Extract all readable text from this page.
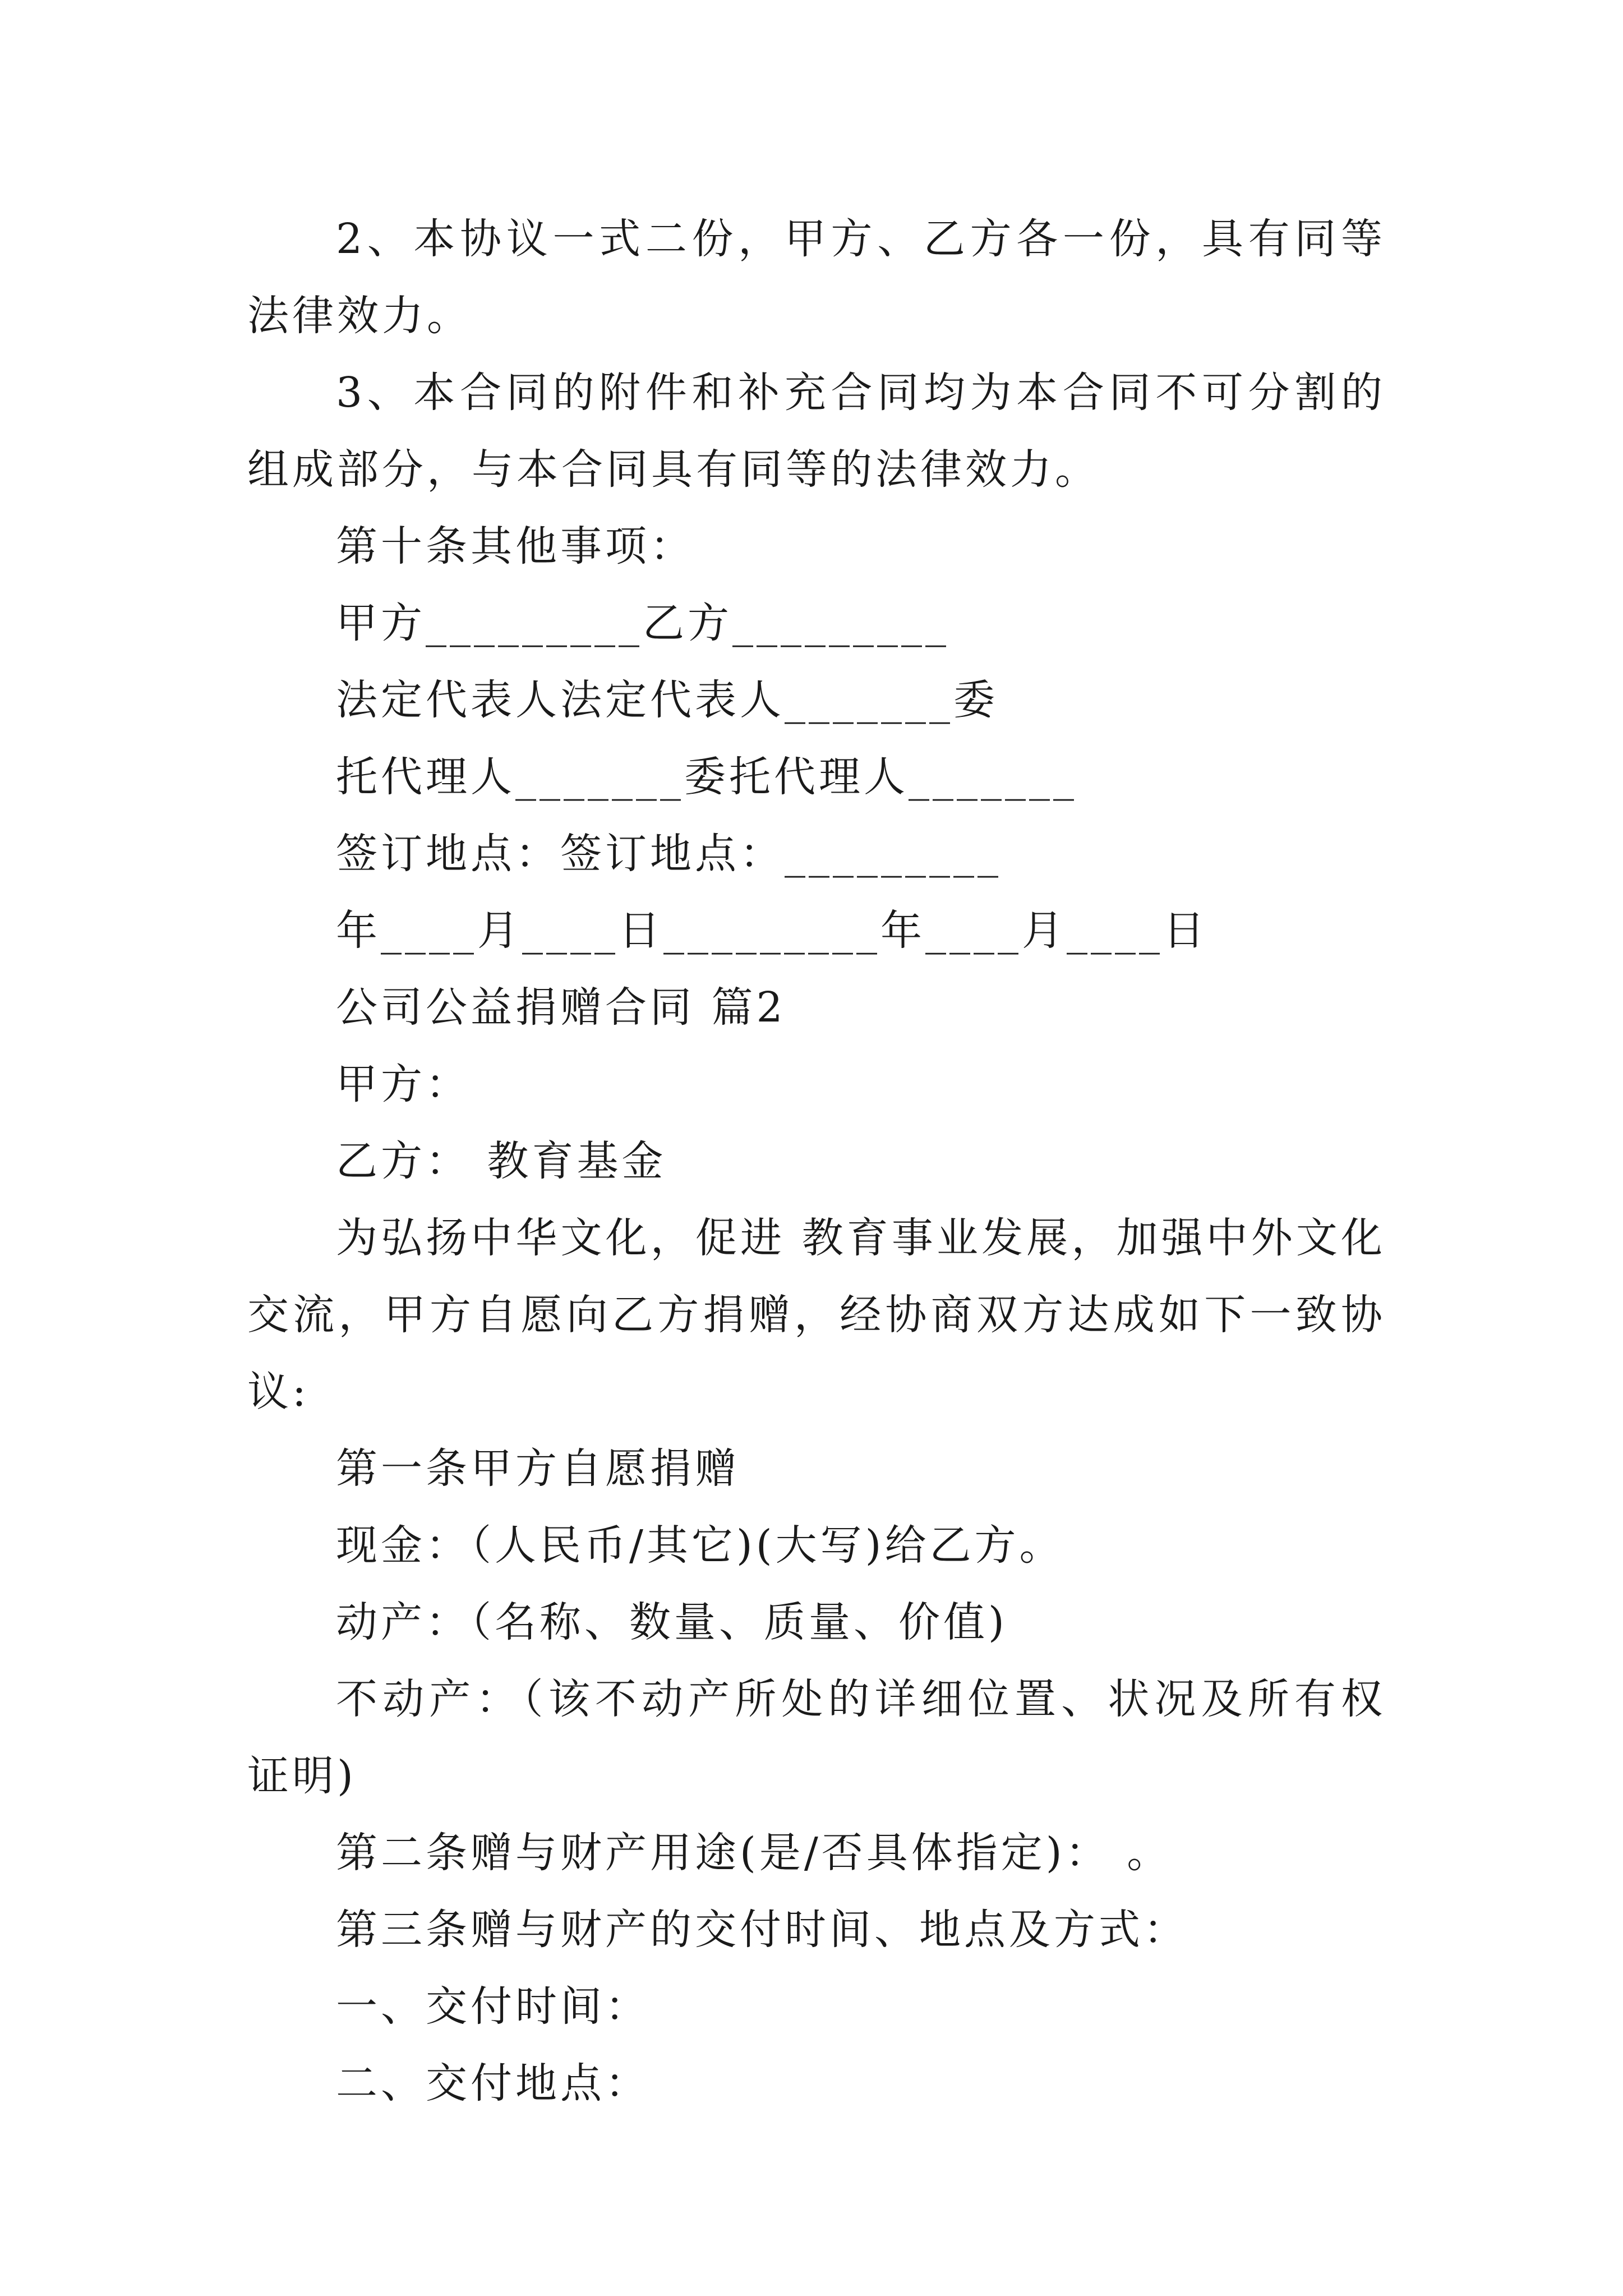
2、本协议一式二份，甲方、乙方各一份，具有同等法律效力。

3、本合同的附件和补充合同均为本合同不可分割的组成部分，与本合同具有同等的法律效力。

第十条其他事项：

甲方_________乙方_________

法定代表人法定代表人_______委

托代理人_______委托代理人_______

签订地点：签订地点：_________

年____月____日_________年____月____日

公司公益捐赠合同 篇2

甲方：

乙方： 教育基金

为弘扬中华文化，促进 教育事业发展，加强中外文化交流，甲方自愿向乙方捐赠，经协商双方达成如下一致协议:

第一条甲方自愿捐赠

现金：（人民币/其它)(大写)给乙方。

动产：（名称、数量、质量、价值)

不动产：（该不动产所处的详细位置、状况及所有权证明)

第二条赠与财产用途(是/否具体指定)： 。

第三条赠与财产的交付时间、地点及方式：

一、交付时间：

二、交付地点：
